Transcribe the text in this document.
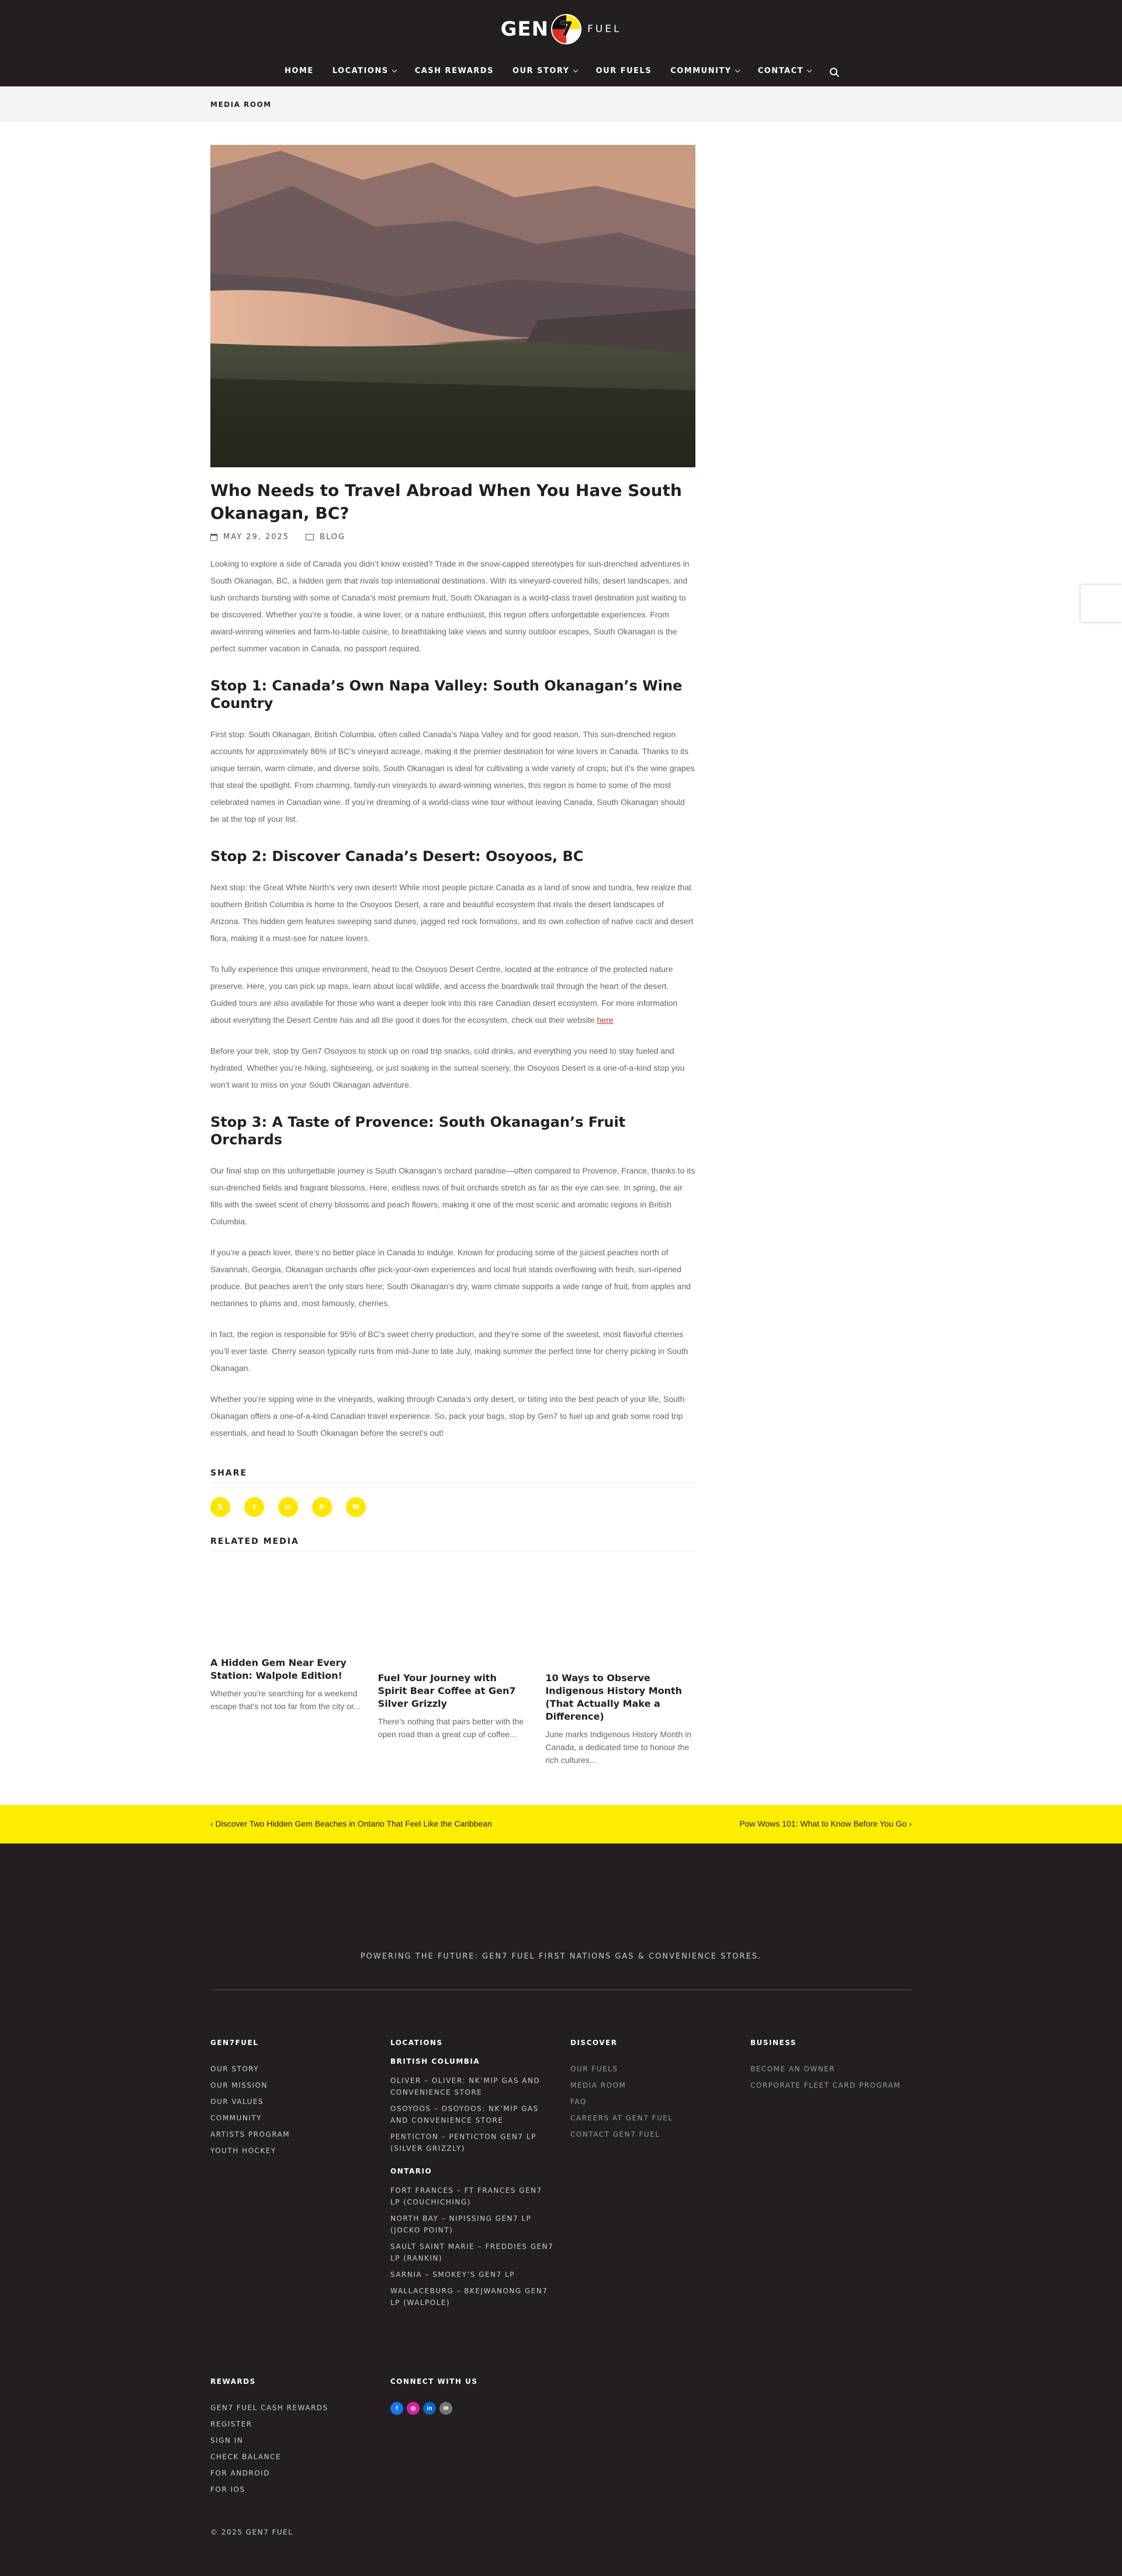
GEN 7 FUEL
HOME LOCATIONS	CASH REWARDS OUR STORY	OUR FUELS COMMUNITY	CONTACT
MEDIA ROOM
Who Needs to Travel Abroad When You Have South Okanagan, BC?
MAY 29, 2025	BLOG

Looking to explore a side of Canada you didn’t know existed? Trade in the snow-capped stereotypes for sun-drenched adventures in South Okanagan, BC, a hidden gem that rivals top international destinations. With its vineyard-covered hills, desert landscapes, and lush orchards bursting with some of Canada’s most premium fruit, South Okanagan is a world-class travel destination just waiting to be discovered. Whether you’re a foodie, a wine lover, or a nature enthusiast, this region offers unforgettable experiences. From award-winning wineries and farm-to-table cuisine, to breathtaking lake views and sunny outdoor escapes, South Okanagan is the perfect summer vacation in Canada, no passport required.

Stop 1: Canada’s Own Napa Valley: South Okanagan’s Wine Country

First stop: South Okanagan, British Columbia, often called Canada’s Napa Valley and for good reason. This sun-drenched region accounts for approximately 86% of BC’s vineyard acreage, making it the premier destination for wine lovers in Canada. Thanks to its unique terrain, warm climate, and diverse soils, South Okanagan is ideal for cultivating a wide variety of crops; but it’s the wine grapes that steal the spotlight. From charming, family-run vineyards to award-winning wineries, this region is home to some of the most celebrated names in Canadian wine. If you’re dreaming of a world-class wine tour without leaving Canada, South Okanagan should be at the top of your list.

Stop 2: Discover Canada’s Desert: Osoyoos, BC

Next stop: the Great White North’s very own desert! While most people picture Canada as a land of snow and tundra, few realize that southern British Columbia is home to the Osoyoos Desert, a rare and beautiful ecosystem that rivals the desert landscapes of Arizona. This hidden gem features sweeping sand dunes, jagged red rock formations, and its own collection of native cacti and desert flora, making it a must-see for nature lovers.

To fully experience this unique environment, head to the Osoyoos Desert Centre, located at the entrance of the protected nature preserve. Here, you can pick up maps, learn about local wildlife, and access the boardwalk trail through the heart of the desert. Guided tours are also available for those who want a deeper look into this rare Canadian desert ecosystem. For more information about everything the Desert Centre has and all the good it does for the ecosystem, check out their website here

Before your trek, stop by Gen7 Osoyoos to stock up on road trip snacks, cold drinks, and everything you need to stay fueled and hydrated. Whether you’re hiking, sightseeing, or just soaking in the surreal scenery, the Osoyoos Desert is a one-of-a-kind stop you won’t want to miss on your South Okanagan adventure.

Stop 3: A Taste of Provence: South Okanagan’s Fruit Orchards

Our final stop on this unforgettable journey is South Okanagan’s orchard paradise—often compared to Provence, France, thanks to its sun-drenched fields and fragrant blossoms. Here, endless rows of fruit orchards stretch as far as the eye can see. In spring, the air fills with the sweet scent of cherry blossoms and peach flowers, making it one of the most scenic and aromatic regions in British Columbia.

If you’re a peach lover, there’s no better place in Canada to indulge. Known for producing some of the juiciest peaches north of Savannah, Georgia, Okanagan orchards offer pick-your-own experiences and local fruit stands overflowing with fresh, sun-ripened produce. But peaches aren’t the only stars here; South Okanagan’s dry, warm climate supports a wide range of fruit, from apples and nectarines to plums and, most famously, cherries.

In fact, the region is responsible for 95% of BC’s sweet cherry production, and they’re some of the sweetest, most flavorful cherries you’ll ever taste. Cherry season typically runs from mid-June to late July, making summer the perfect time for cherry picking in South Okanagan.

Whether you’re sipping wine in the vineyards, walking through Canada’s only desert, or biting into the best peach of your life, South Okanagan offers a one-of-a-kind Canadian travel experience. So, pack your bags, stop by Gen7 to fuel up and grab some road trip essentials, and head to South Okanagan before the secret’s out!

SHARE
𝕏	f	in	P	✉
RELATED MEDIA
A Hidden Gem Near Every Station: Walpole Edition!

Whether you’re searching for a weekend escape that’s not too far from the city or...

Fuel Your Journey with Spirit Bear Coffee at Gen7 Silver Grizzly

There’s nothing that pairs better with the open road than a great cup of coffee...

10 Ways to Observe Indigenous History Month (That Actually Make a Difference)

June marks Indigenous History Month in Canada, a dedicated time to honour the rich cultures...

‹ Discover Two Hidden Gem Beaches in Ontario That Feel Like the Caribbean	Pow Wows 101: What to Know Before You Go ›
POWERING THE FUTURE: GEN7 FUEL FIRST NATIONS GAS & CONVENIENCE STORES.
GEN7FUEL
OUR STORY
OUR MISSION
OUR VALUES
COMMUNITY
ARTISTS PROGRAM
YOUTH HOCKEY
LOCATIONS
BRITISH COLUMBIA
OLIVER – OLIVER: NK’MIP GAS AND CONVENIENCE STORE
OSOYOOS – OSOYOOS: NK’MIP GAS AND CONVENIENCE STORE
PENTICTON – PENTICTON GEN7 LP (SILVER GRIZZLY)
ONTARIO
FORT FRANCES – FT FRANCES GEN7 LP (COUCHICHING)
NORTH BAY – NIPISSING GEN7 LP (JOCKO POINT)
SAULT SAINT MARIE – FREDDIES GEN7 LP (RANKIN)
SARNIA – SMOKEY’S GEN7 LP
WALLACEBURG – BKEJWANONG GEN7 LP (WALPOLE)
DISCOVER
OUR FUELS
MEDIA ROOM
FAQ
CAREERS AT GEN7 FUEL
CONTACT GEN7 FUEL
BUSINESS
BECOME AN OWNER
CORPORATE FLEET CARD PROGRAM
REWARDS
GEN7 FUEL CASH REWARDS
REGISTER
SIGN IN
CHECK BALANCE
FOR ANDROID
FOR IOS
CONNECT WITH US
f	◎	in	✉
© 2025 GEN7 FUEL
